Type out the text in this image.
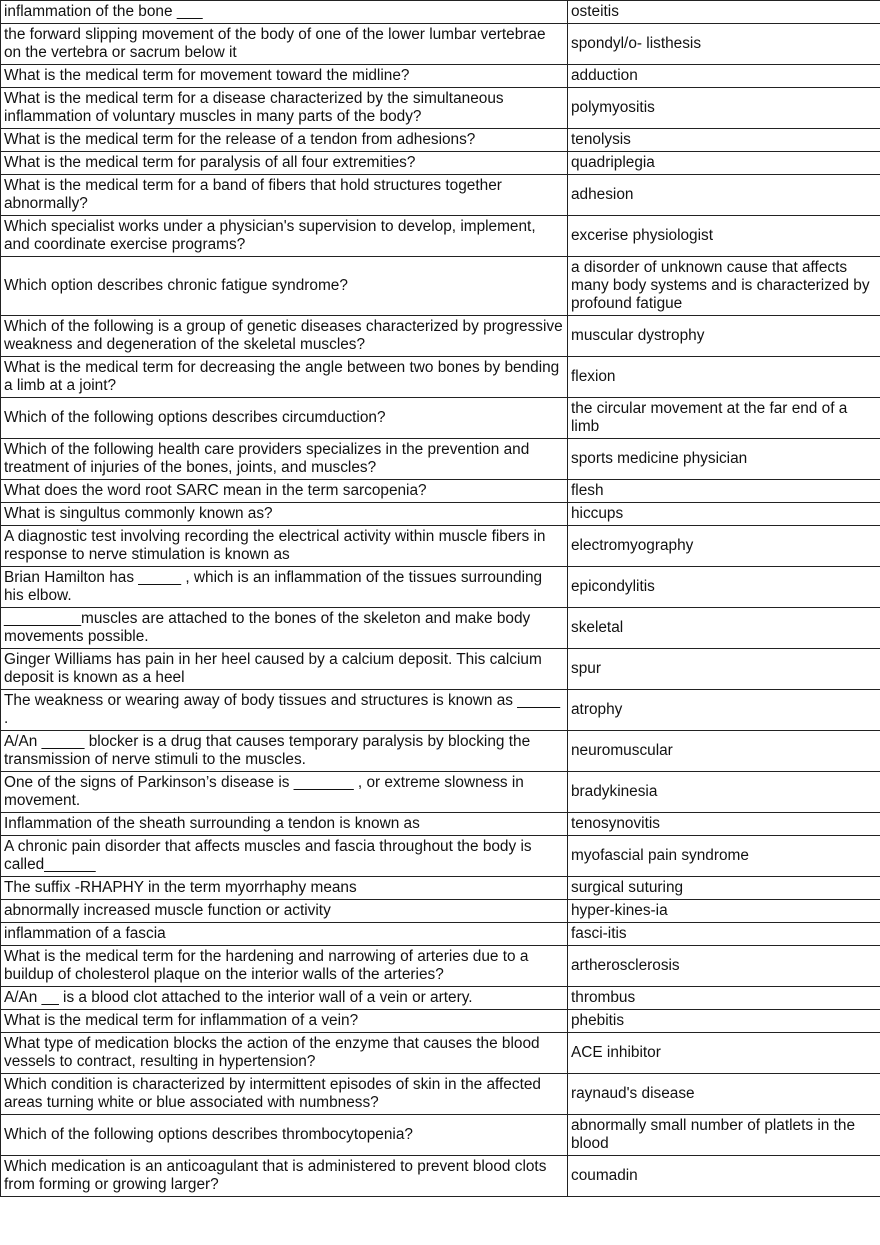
inflammation of the bone ___	osteitis
the forward slipping movement of the body of one of the lower lumbar vertebrae on the vertebra or sacrum below it	spondyl/o- listhesis
What is the medical term for movement toward the midline?	adduction
What is the medical term for a disease characterized by the simultaneous inflammation of voluntary muscles in many parts of the body?	polymyositis
What is the medical term for the release of a tendon from adhesions?	tenolysis
What is the medical term for paralysis of all four extremities?	quadriplegia
What is the medical term for a band of fibers that hold structures together abnormally?	adhesion
Which specialist works under a physician's supervision to develop, implement, and coordinate exercise programs?	excerise physiologist
Which option describes chronic fatigue syndrome?	a disorder of unknown cause that affects many body systems and is characterized by profound fatigue
Which of the following is a group of genetic diseases characterized by progressive weakness and degeneration of the skeletal muscles?	muscular dystrophy
What is the medical term for decreasing the angle between two bones by bending a limb at a joint?	flexion
Which of the following options describes circumduction?	the circular movement at the far end of a limb
Which of the following health care providers specializes in the prevention and treatment of injuries of the bones, joints, and muscles?	sports medicine physician
What does the word root SARC mean in the term sarcopenia?	flesh
What is singultus commonly known as?	hiccups
A diagnostic test involving recording the electrical activity within muscle fibers in response to nerve stimulation is known as	electromyography
Brian Hamilton has _____ , which is an inflammation of the tissues surrounding his elbow.	epicondylitis
_________muscles are attached to the bones of the skeleton and make body movements possible.	skeletal
Ginger Williams has pain in her heel caused by a calcium deposit. This calcium deposit is known as a heel	spur
The weakness or wearing away of body tissues and structures is known as _____ .	atrophy
A/An _____ blocker is a drug that causes temporary paralysis by blocking the transmission of nerve stimuli to the muscles.	neuromuscular
One of the signs of Parkinson’s disease is _______ , or extreme slowness in movement.	bradykinesia
Inflammation of the sheath surrounding a tendon is known as	tenosynovitis
A chronic pain disorder that affects muscles and fascia throughout the body is called______	myofascial pain syndrome
The suffix -RHAPHY in the term myorrhaphy means	surgical suturing
abnormally increased muscle function or activity	hyper-kines-ia
inflammation of a fascia	fasci-itis
What is the medical term for the hardening and narrowing of arteries due to a buildup of cholesterol plaque on the interior walls of the arteries?	artherosclerosis
A/An __ is a blood clot attached to the interior wall of a vein or artery.	thrombus
What is the medical term for inflammation of a vein?	phebitis
What type of medication blocks the action of the enzyme that causes the blood vessels to contract, resulting in hypertension?	ACE inhibitor
Which condition is characterized by intermittent episodes of skin in the affected areas turning white or blue associated with numbness?	raynaud's disease
Which of the following options describes thrombocytopenia?	abnormally small number of platlets in the blood
Which medication is an anticoagulant that is administered to prevent blood clots from forming or growing larger?	coumadin
